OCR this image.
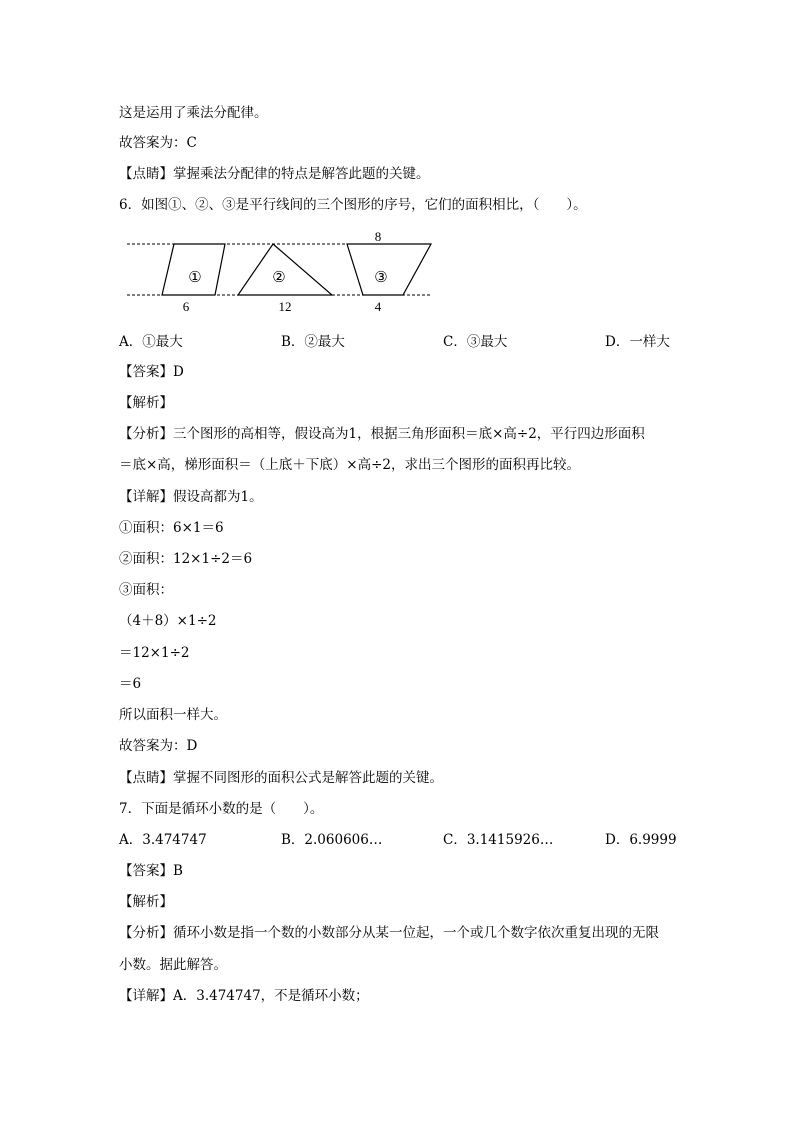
这是运用了乘法分配律。
故答案为：C
【点睛】掌握乘法分配律的特点是解答此题的关键。
6．如图①、②、③是平行线间的三个图形的序号，它们的面积相比，（　　）。
①	②	③
8
6	12	4
A．①最大	B．②最大	C．③最大	D．一样大
【答案】D
【解析】
【分析】三个图形的高相等，假设高为1，根据三角形面积＝底×高÷2，平行四边形面积
＝底×高，梯形面积＝（上底＋下底）×高÷2，求出三个图形的面积再比较。
【详解】假设高都为1。
①面积：6×1＝6
②面积：12×1÷2＝6
③面积：
（4＋8）×1÷2
＝12×1÷2
＝6
所以面积一样大。
故答案为：D
【点睛】掌握不同图形的面积公式是解答此题的关键。
7．下面是循环小数的是（　　）。
A．3.474747	B．2.060606…	C．3.1415926…	D．6.9999
【答案】B
【解析】
【分析】循环小数是指一个数的小数部分从某一位起，一个或几个数字依次重复出现的无限
小数。据此解答。
【详解】A．3.474747，不是循环小数；
